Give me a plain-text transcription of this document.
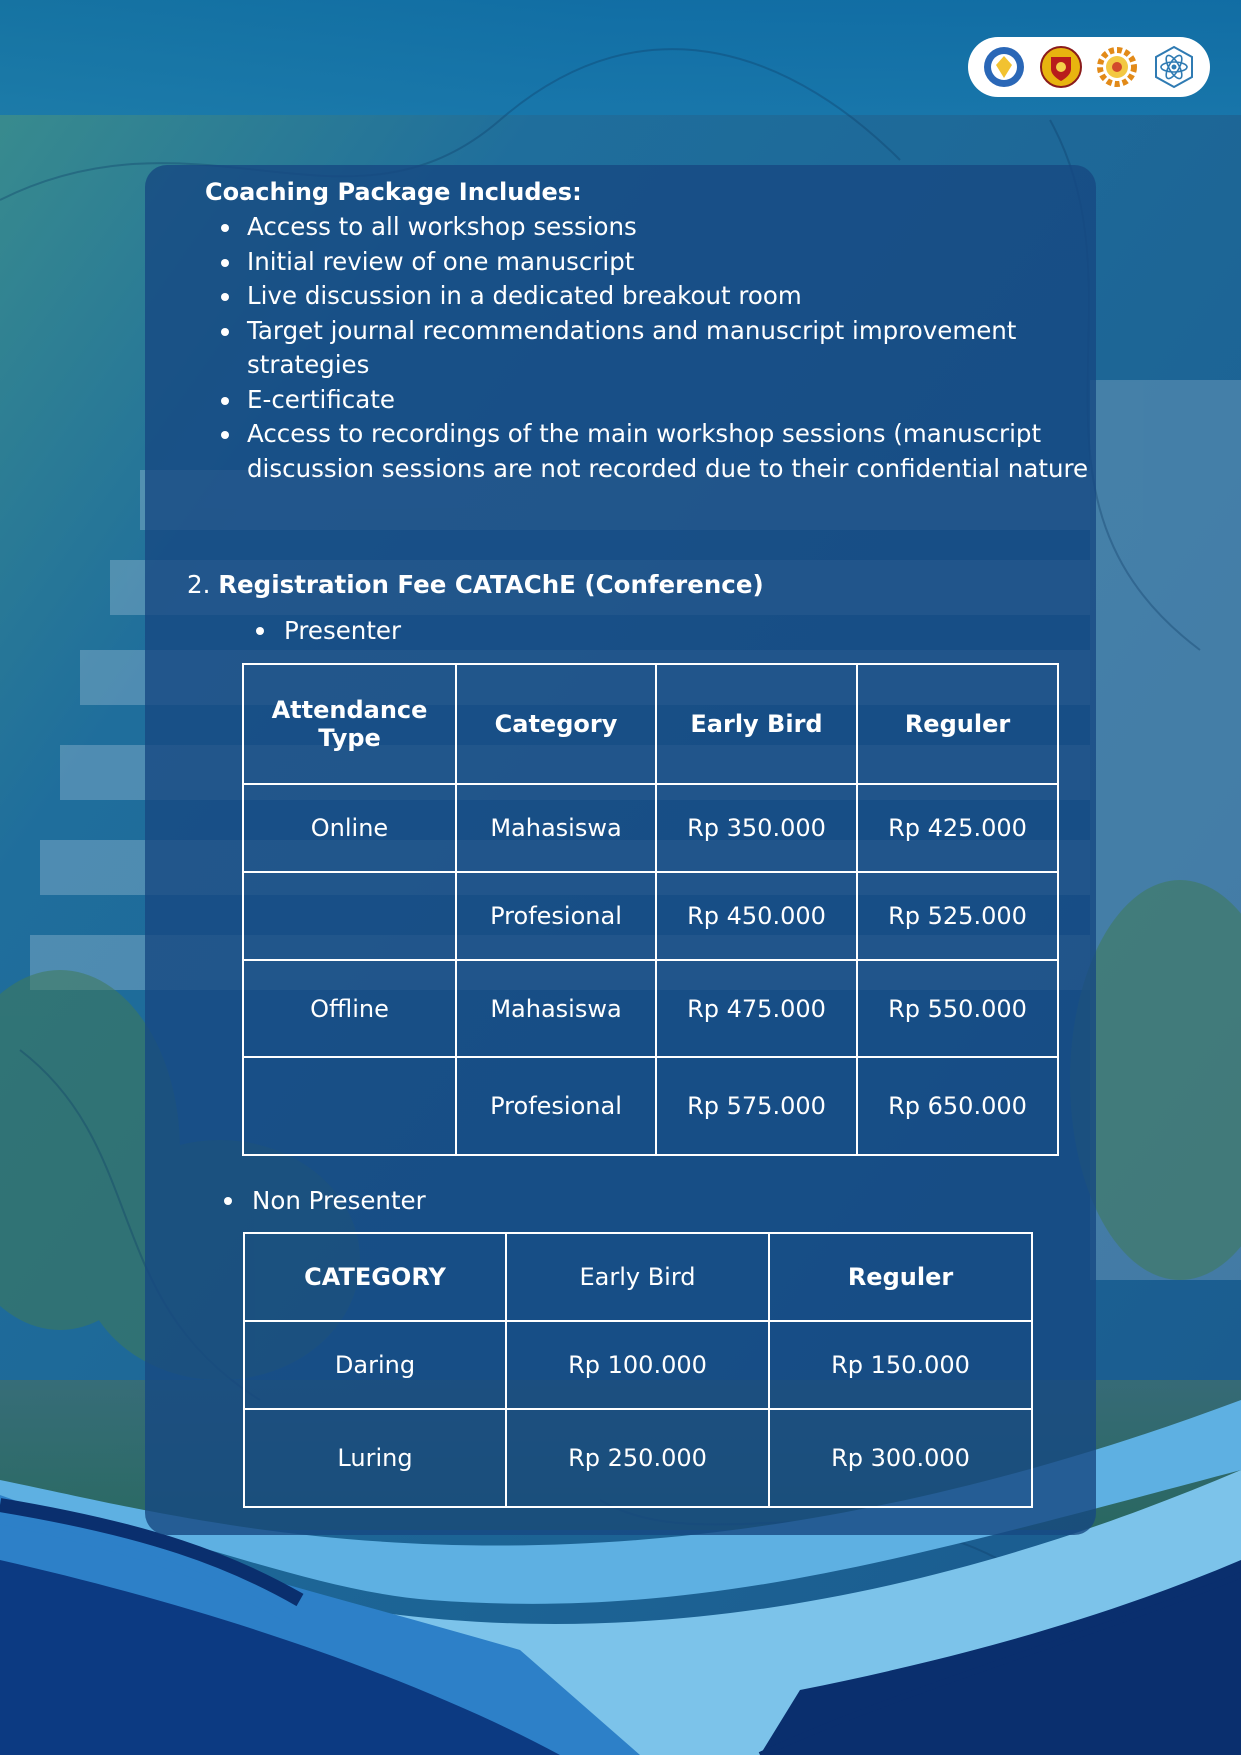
Coaching Package Includes:

Access to all workshop sessions
Initial review of one manuscript
Live discussion in a dedicated breakout room
Target journal recommendations and manuscript improvement strategies
E-certificate
Access to recordings of the main workshop sessions (manuscript discussion sessions are not recorded due to their confidential nature

2. Registration Fee CATAChE (Conference)

Presenter
Attendance Type	Category	Early Bird	Reguler
Online	Mahasiswa	Rp 350.000	Rp 425.000
	Profesional	Rp 450.000	Rp 525.000
Offline	Mahasiswa	Rp 475.000	Rp 550.000
	Profesional	Rp 575.000	Rp 650.000
Non Presenter
CATEGORY	Early Bird	Reguler
Daring	Rp 100.000	Rp 150.000
Luring	Rp 250.000	Rp 300.000
